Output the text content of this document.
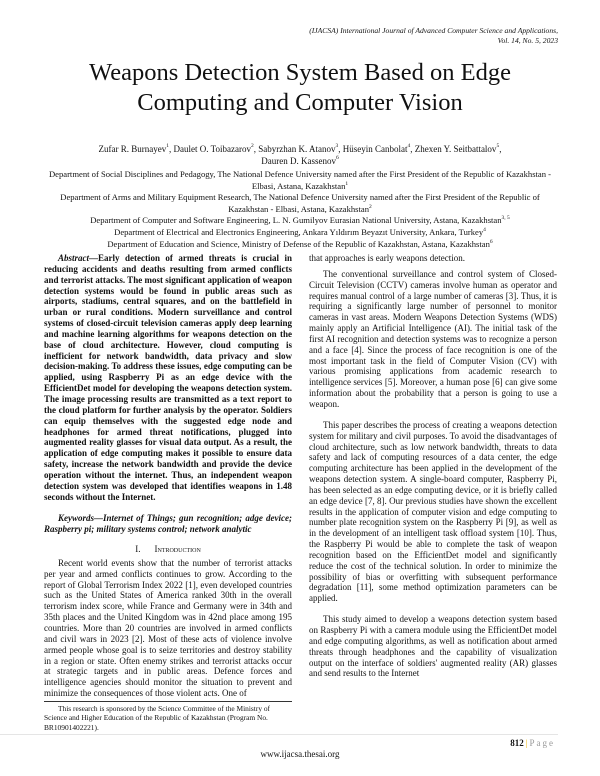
(IJACSA) International Journal of Advanced Computer Science and Applications,
Vol. 14, No. 5, 2023
Weapons Detection System Based on Edge
Computing and Computer Vision
Zufar R. Burnayev$^1$, Daulet O. Toibazarov$^2$, Sabyrzhan K. Atanov$^3$, Hüseyin Canbolat$^4$, Zhexen Y. Seitbattalov$^5$,
Dauren D. Kassenov$^6$
Department of Social Disciplines and Pedagogy, The National Defence University named after the First President of the Republic of Kazakhstan - Elbasi, Astana, Kazakhstan$^1$
Department of Arms and Military Equipment Research, The National Defence University named after the First President of the Republic of Kazakhstan - Elbasi, Astana, Kazakhstan$^2$
Department of Computer and Software Engineering, L. N. Gumilyov Eurasian National University, Astana, Kazakhstan$^{3, 5}$
Department of Electrical and Electronics Engineering, Ankara Yıldırım Beyazıt University, Ankara, Turkey$^4$
Department of Education and Science, Ministry of Defense of the Republic of Kazakhstan, Astana, Kazakhstan$^6$

Abstract—Early detection of armed threats is crucial in reducing accidents and deaths resulting from armed conflicts and terrorist attacks. The most significant application of weapon detection systems would be found in public areas such as airports, stadiums, central squares, and on the battlefield in urban or rural conditions. Modern surveillance and control systems of closed-circuit television cameras apply deep learning and machine learning algorithms for weapons detection on the base of cloud architecture. However, cloud computing is inefficient for network bandwidth, data privacy and slow decision-making. To address these issues, edge computing can be applied, using Raspberry Pi as an edge device with the EfficientDet model for developing the weapons detection system. The image processing results are transmitted as a text report to the cloud platform for further analysis by the operator. Soldiers can equip themselves with the suggested edge node and headphones for armed threat notifications, plugged into augmented reality glasses for visual data output. As a result, the application of edge computing makes it possible to ensure data safety, increase the network bandwidth and provide the device operation without the internet. Thus, an independent weapon detection system was developed that identifies weapons in 1.48 seconds without the Internet.

Keywords—Internet of Things; gun recognition; adge device; Raspberry pi; military systems control; network analytic

I. Introduction

Recent world events show that the number of terrorist attacks per year and armed conflicts continues to grow. According to the report of Global Terrorism Index 2022 [1], even developed countries such as the United States of America ranked 30th in the overall terrorism index score, while France and Germany were in 34th and 35th places and the United Kingdom was in 42nd place among 195 countries. More than 20 countries are involved in armed conflicts and civil wars in 2023 [2]. Most of these acts of violence involve armed people whose goal is to seize territories and destroy stability in a region or state. Often enemy strikes and terrorist attacks occur at strategic targets and in public areas. Defence forces and intelligence agencies should monitor the situation to prevent and minimize the consequences of those violent acts. One of

This research is sponsored by the Science Committee of the Ministry of Science and Higher Education of the Republic of Kazakhstan (Program No. BR10901402221).

that approaches is early weapons detection.

The conventional surveillance and control system of Closed-Circuit Television (CCTV) cameras involve human as operator and requires manual control of a large number of cameras [3]. Thus, it is requiring a significantly large number of personnel to monitor cameras in vast areas. Modern Weapons Detection Systems (WDS) mainly apply an Artificial Intelligence (AI). The initial task of the first AI recognition and detection systems was to recognize a person and a face [4]. Since the process of face recognition is one of the most important task in the field of Computer Vision (CV) with various promising applications from academic research to intelligence services [5]. Moreover, a human pose [6] can give some information about the probability that a person is going to use a weapon.

This paper describes the process of creating a weapons detection system for military and civil purposes. To avoid the disadvantages of cloud architecture, such as low network bandwidth, threats to data safety and lack of computing resources of a data center, the edge computing architecture has been applied in the development of the weapons detection system. A single-board computer, Raspberry Pi, has been selected as an edge computing device, or it is briefly called an edge device [7, 8]. Our previous studies have shown the excellent results in the application of computer vision and edge computing to number plate recognition system on the Raspberry Pi [9], as well as in the development of an intelligent task offload system [10]. Thus, the Raspberry Pi would be able to complete the task of weapon recognition based on the EfficientDet model and significantly reduce the cost of the technical solution. In order to minimize the possibility of bias or overfitting with subsequent performance degradation [11], some method optimization parameters can be applied.

This study aimed to develop a weapons detection system based on Raspberry Pi with a camera module using the EfficientDet model and edge computing algorithms, as well as notification about armed threats through headphones and the capability of visualization output on the interface of soldiers' augmented reality (AR) glasses and send results to the Internet

812 | Page
www.ijacsa.thesai.org
